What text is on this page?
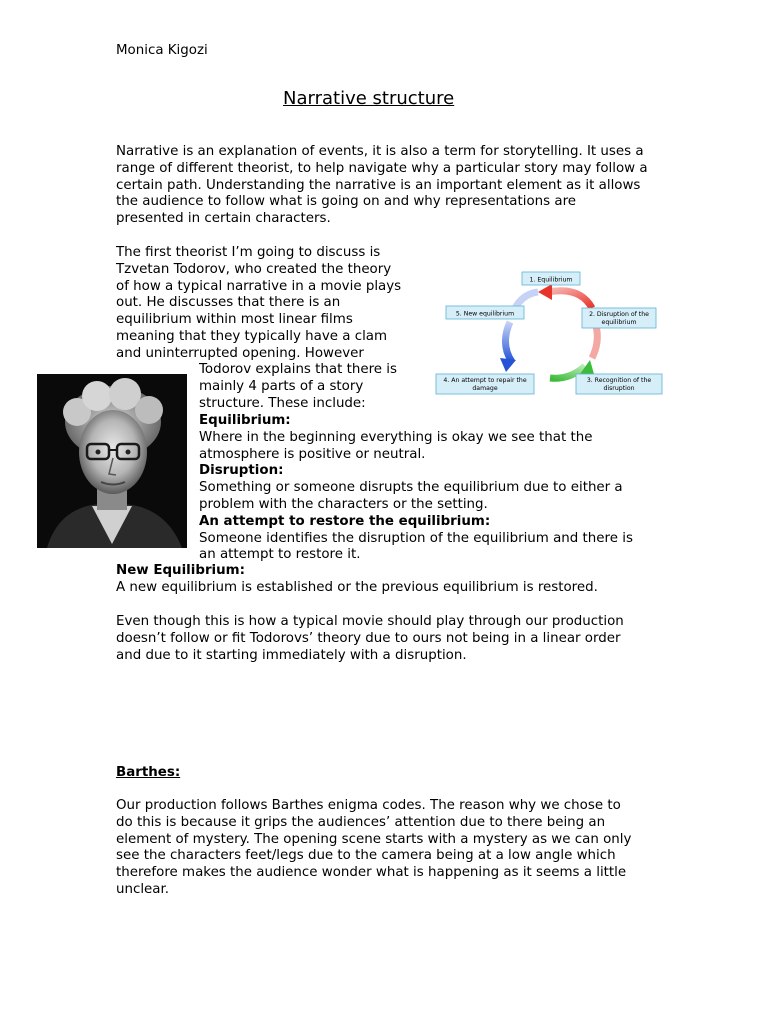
Monica Kigozi
Narrative structure
Narrative is an explanation of events, it is also a term for storytelling. It uses a
range of different theorist, to help navigate why a particular story may follow a
certain path. Understanding the narrative is an important element as it allows
the audience to follow what is going on and why representations are
presented in certain characters.
The first theorist I’m going to discuss is
Tzvetan Todorov, who created the theory
of how a typical narrative in a movie plays
out. He discusses that there is an
equilibrium within most linear films
meaning that they typically have a clam
and uninterrupted opening. However
Todorov explains that there is
mainly 4 parts of a story
structure. These include:
Equilibrium:
Where in the beginning everything is okay we see that the
atmosphere is positive or neutral.
Disruption:
Something or someone disrupts the equilibrium due to either a
problem with the characters or the setting.
An attempt to restore the equilibrium:
Someone identifies the disruption of the equilibrium and there is
an attempt to restore it.
New Equilibrium:
A new equilibrium is established or the previous equilibrium is restored.
Even though this is how a typical movie should play through our production
doesn’t follow or fit Todorovs’ theory due to ours not being in a linear order
and due to it starting immediately with a disruption.
Barthes:
Our production follows Barthes enigma codes. The reason why we chose to
do this is because it grips the audiences’ attention due to there being an
element of mystery. The opening scene starts with a mystery as we can only
see the characters feet/legs due to the camera being at a low angle which
therefore makes the audience wonder what is happening as it seems a little
unclear.
1. Equilibrium
2. Disruption of the
equilibrium
3. Recognition of the
disruption
4. An attempt to repair the
damage
5. New equilibrium
